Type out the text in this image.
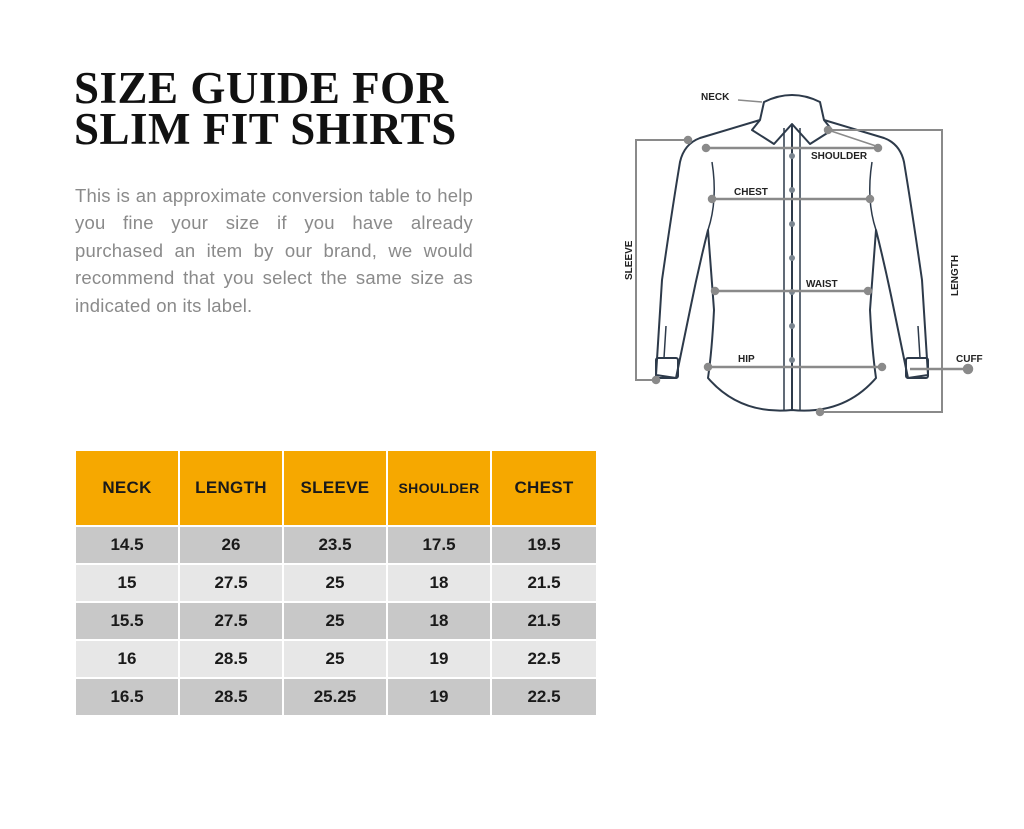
SIZE GUIDE FOR
SLIM FIT SHIRTS

This is an approximate conversion table to help you fine your size if you have already purchased an item by our brand, we would recommend that you select the same size as indicated on its label.

NECK
SHOULDER
CHEST
WAIST
HIP	CUFF
SLEEVE	LENGTH
NECK	LENGTH	SLEEVE	SHOULDER	CHEST
14.5	26	23.5	17.5	19.5
15	27.5	25	18	21.5
15.5	27.5	25	18	21.5
16	28.5	25	19	22.5
16.5	28.5	25.25	19	22.5
